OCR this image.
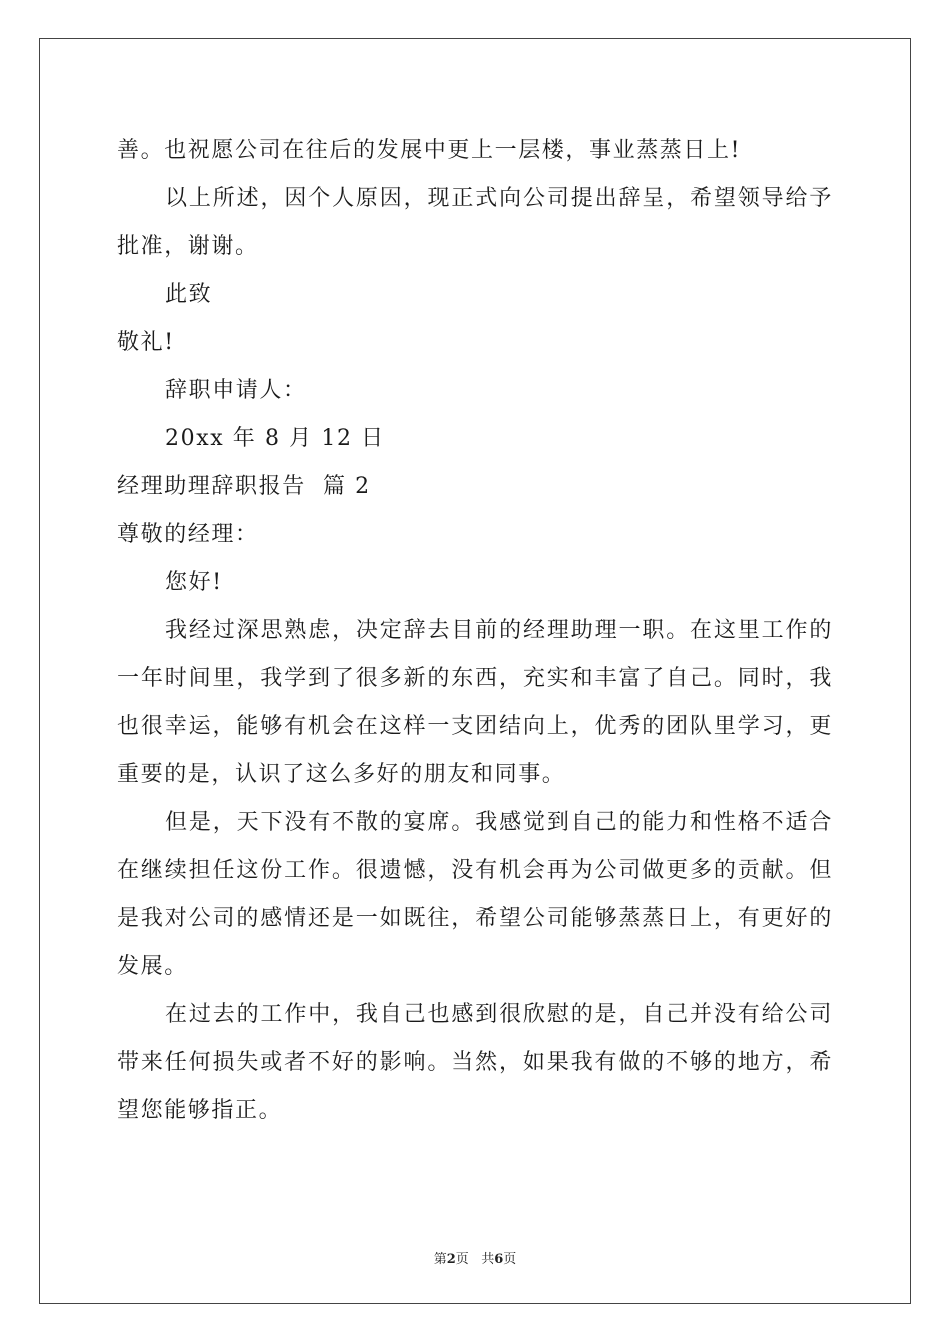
善。也祝愿公司在往后的发展中更上一层楼，事业蒸蒸日上!

以上所述，因个人原因，现正式向公司提出辞呈，希望领导给予批准，谢谢。

此致

敬礼!

辞职申请人：

20xx 年 8 月 12 日

经理助理辞职报告  篇 2

尊敬的经理：

您好!

我经过深思熟虑，决定辞去目前的经理助理一职。在这里工作的一年时间里，我学到了很多新的东西，充实和丰富了自己。同时，我也很幸运，能够有机会在这样一支团结向上，优秀的团队里学习，更重要的是，认识了这么多好的朋友和同事。

但是，天下没有不散的宴席。我感觉到自己的能力和性格不适合在继续担任这份工作。很遗憾，没有机会再为公司做更多的贡献。但是我对公司的感情还是一如既往，希望公司能够蒸蒸日上，有更好的发展。

在过去的工作中，我自己也感到很欣慰的是，自己并没有给公司带来任何损失或者不好的影响。当然，如果我有做的不够的地方，希望您能够指正。

第2页 共6页
